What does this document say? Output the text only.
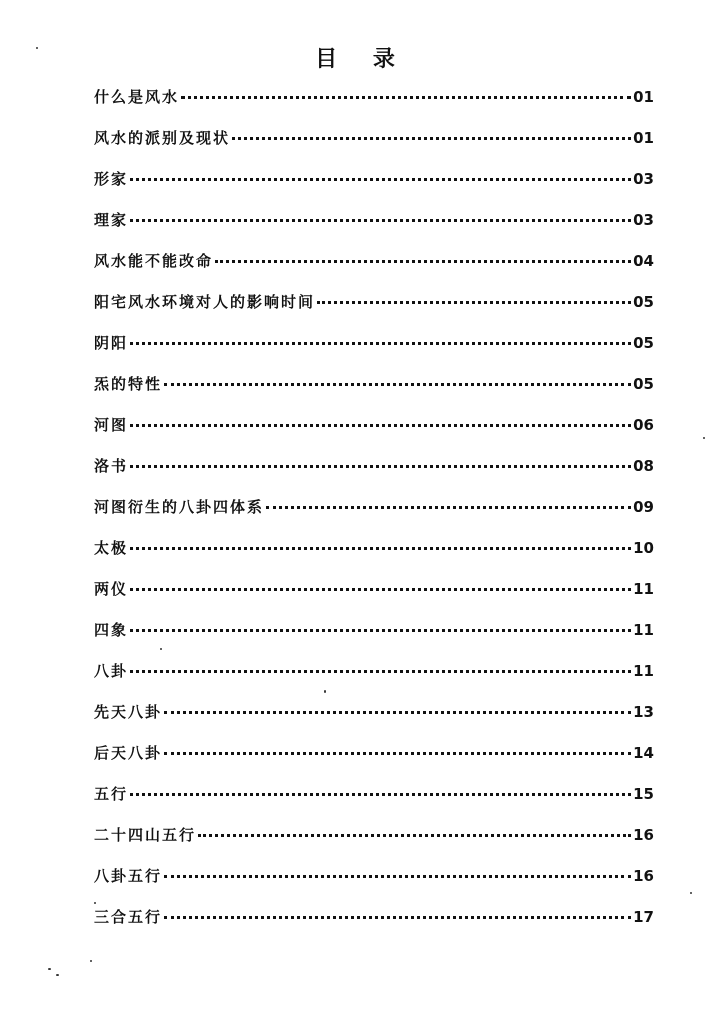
目 录
什么是风水	01
风水的派别及现状	01
形家	03
理家	03
风水能不能改命	04
阳宅风水环境对人的影响时间	05
阴阳	05
炁的特性	05
河图	06
洛书	08
河图衍生的八卦四体系	09
太极	10
两仪	11
四象	11
八卦	11
先天八卦	13
后天八卦	14
五行	15
二十四山五行	16
八卦五行	16
三合五行	17
